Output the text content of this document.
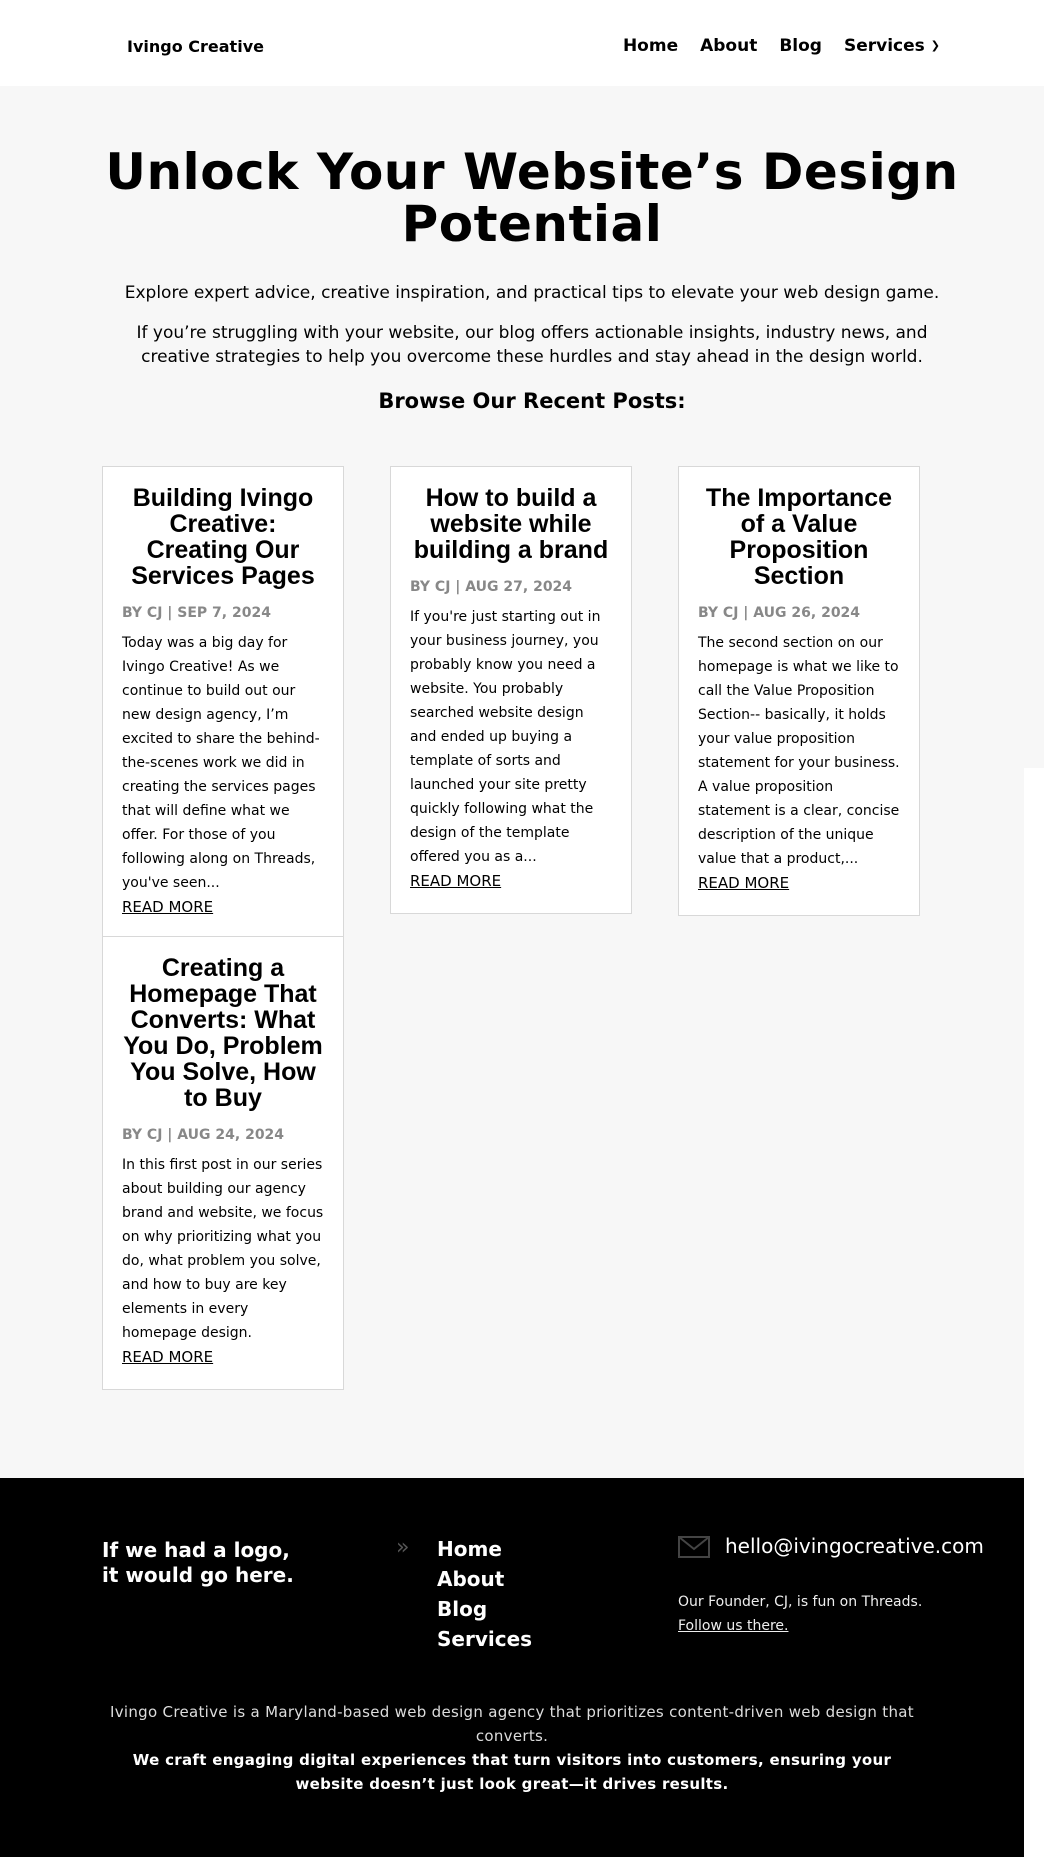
Ivingo Creative	Home About Blog Services ❯
Unlock Your Website’s Design Potential

Explore expert advice, creative inspiration, and practical tips to elevate your web design game.

If you’re struggling with your website, our blog offers actionable insights, industry news, and creative strategies to help you overcome these hurdles and stay ahead in the design world.

Browse Our Recent Posts:
Building Ivingo Creative: Creating Our Services Pages
BY CJ | SEP 7, 2024

Today was a big day for Ivingo Creative! As we continue to build out our new design agency, I’m excited to share the behind-the-scenes work we did in creating the services pages that will define what we offer. For those of you following along on Threads, you've seen...

READ MORE
How to build a website while building a brand
BY CJ | AUG 27, 2024

If you're just starting out in your business journey, you probably know you need a website. You probably searched website design and ended up buying a template of sorts and launched your site pretty quickly following what the design of the template offered you as a...

READ MORE
The Importance of a Value Proposition Section
BY CJ | AUG 26, 2024

The second section on our homepage is what we like to call the Value Proposition Section-- basically, it holds your value proposition statement for your business. A value proposition statement is a clear, concise description of the unique value that a product,...

READ MORE
Creating a Homepage That Converts: What You Do, Problem You Solve, How to Buy
BY CJ | AUG 24, 2024

In this first post in our series about building our agency brand and website, we focus on why prioritizing what you do, what problem you solve, and how to buy are key elements in every homepage design.

READ MORE
If we had a logo,
it would go here.
» Home
About
Blog
Services
hello@ivingocreative.com
Our Founder, CJ, is fun on Threads.
Follow us there.

Ivingo Creative is a Maryland-based web design agency that prioritizes content-driven web design that converts.

We craft engaging digital experiences that turn visitors into customers, ensuring your website doesn’t just look great—it drives results.
